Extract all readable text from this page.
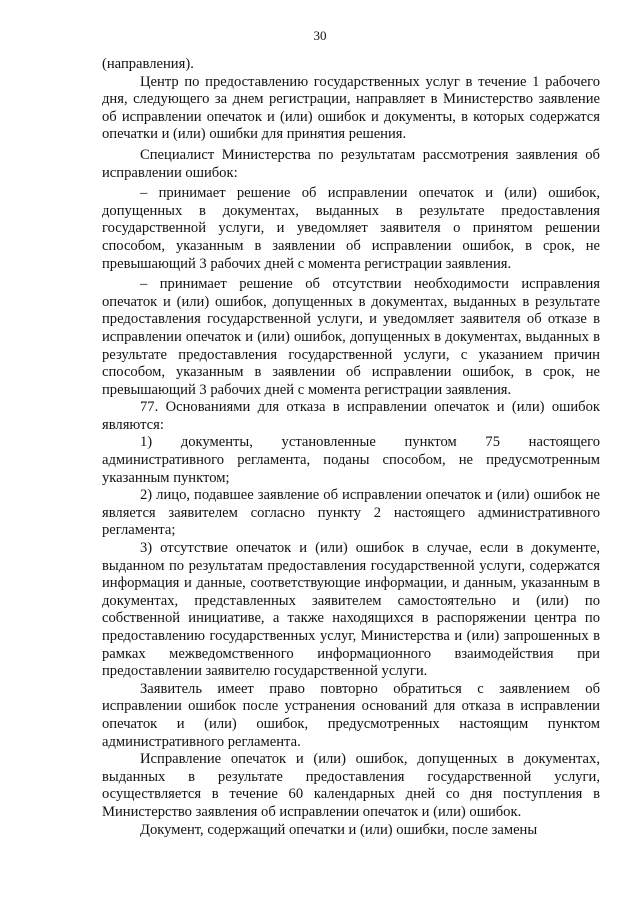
30

(направления).

Центр по предоставлению государственных услуг в течение 1 рабочего дня, следующего за днем регистрации, направляет в Министерство заявление об исправлении опечаток и (или) ошибок и документы, в которых содержатся опечатки и (или) ошибки для принятия решения.

Специалист Министерства по результатам рассмотрения заявления об исправлении ошибок:

– принимает решение об исправлении опечаток и (или) ошибок, допущенных в документах, выданных в результате предоставления государственной услуги, и уведомляет заявителя о принятом решении способом, указанным в заявлении об исправлении ошибок, в срок, не превышающий 3 рабочих дней с момента регистрации заявления.

– принимает решение об отсутствии необходимости исправления опечаток и (или) ошибок, допущенных в документах, выданных в результате предоставления государственной услуги, и уведомляет заявителя об отказе в исправлении опечаток и (или) ошибок, допущенных в документах, выданных в результате предоставления государственной услуги, с указанием причин способом, указанным в заявлении об исправлении ошибок, в срок, не превышающий 3 рабочих дней с момента регистрации заявления.

77. Основаниями для отказа в исправлении опечаток и (или) ошибок являются:

1) документы, установленные пунктом 75 настоящего административного регламента, поданы способом, не предусмотренным указанным пунктом;

2) лицо, подавшее заявление об исправлении опечаток и (или) ошибок не является заявителем согласно пункту 2 настоящего административного регламента;

3) отсутствие опечаток и (или) ошибок в случае, если в документе, выданном по результатам предоставления государственной услуги, содержатся информация и данные, соответствующие информации, и данным, указанным в документах, представленных заявителем самостоятельно и (или) по собственной инициативе, а также находящихся в распоряжении центра по предоставлению государственных услуг, Министерства и (или) запрошенных в рамках межведомственного информационного взаимодействия при предоставлении заявителю государственной услуги.

Заявитель имеет право повторно обратиться с заявлением об исправлении ошибок после устранения оснований для отказа в исправлении опечаток и (или) ошибок, предусмотренных настоящим пунктом административного регламента.

Исправление опечаток и (или) ошибок, допущенных в документах, выданных в результате предоставления государственной услуги, осуществляется в течение 60 календарных дней со дня поступления в Министерство заявления об исправлении опечаток и (или) ошибок.

Документ, содержащий опечатки и (или) ошибки, после замены
